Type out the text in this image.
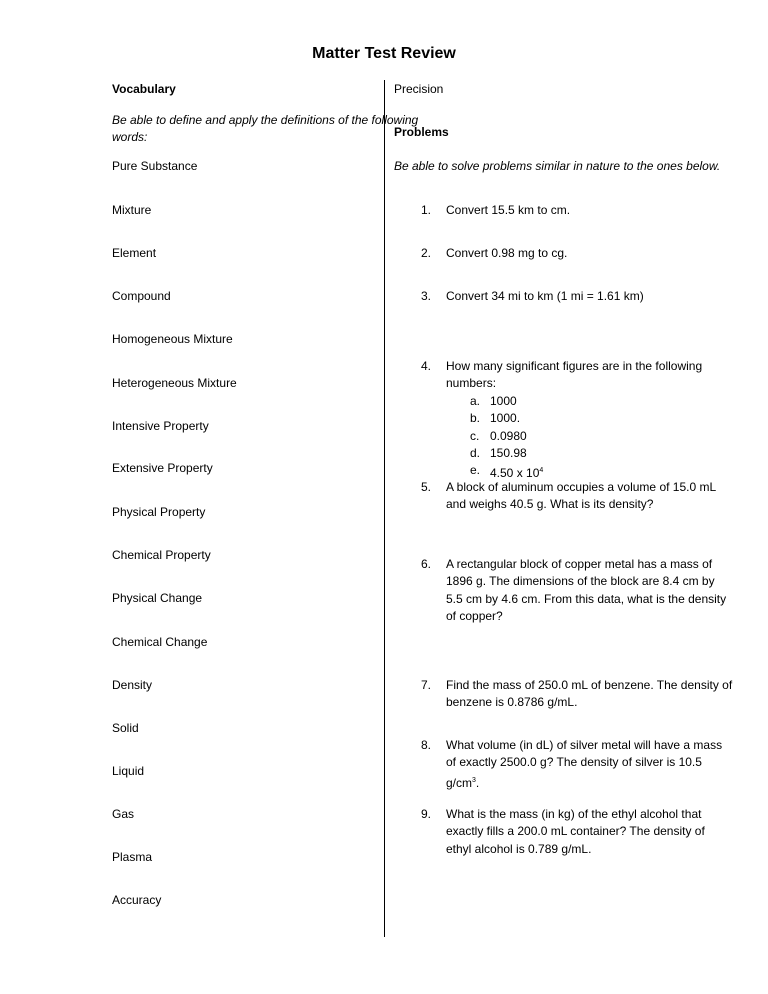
Matter Test Review
Vocabulary
Be able to define and apply the definitions of the following
words:
Pure Substance
Mixture
Element
Compound
Homogeneous Mixture
Heterogeneous Mixture
Intensive Property
Extensive Property
Physical Property
Chemical Property
Physical Change
Chemical Change
Density
Solid
Liquid
Gas
Plasma
Accuracy
Precision
Problems
Be able to solve problems similar in nature to the ones below.
1. Convert 15.5 km to cm.
2. Convert 0.98 mg to cg.
3. Convert 34 mi to km (1 mi = 1.61 km)
4. How many significant figures are in the following
numbers:
a. 1000
b. 1000.
c. 0.0980
d. 150.98
e. 4.50 x $10^4$
5. A block of aluminum occupies a volume of 15.0 mL
and weighs 40.5 g. What is its density?
6. A rectangular block of copper metal has a mass of
1896 g. The dimensions of the block are 8.4 cm by
5.5 cm by 4.6 cm. From this data, what is the density
of copper?
7. Find the mass of 250.0 mL of benzene. The density of
benzene is 0.8786 g/mL.
8. What volume (in dL) of silver metal will have a mass
of exactly 2500.0 g? The density of silver is 10.5
$g/cm^3$.
9. What is the mass (in kg) of the ethyl alcohol that
exactly fills a 200.0 mL container? The density of
ethyl alcohol is 0.789 g/mL.
